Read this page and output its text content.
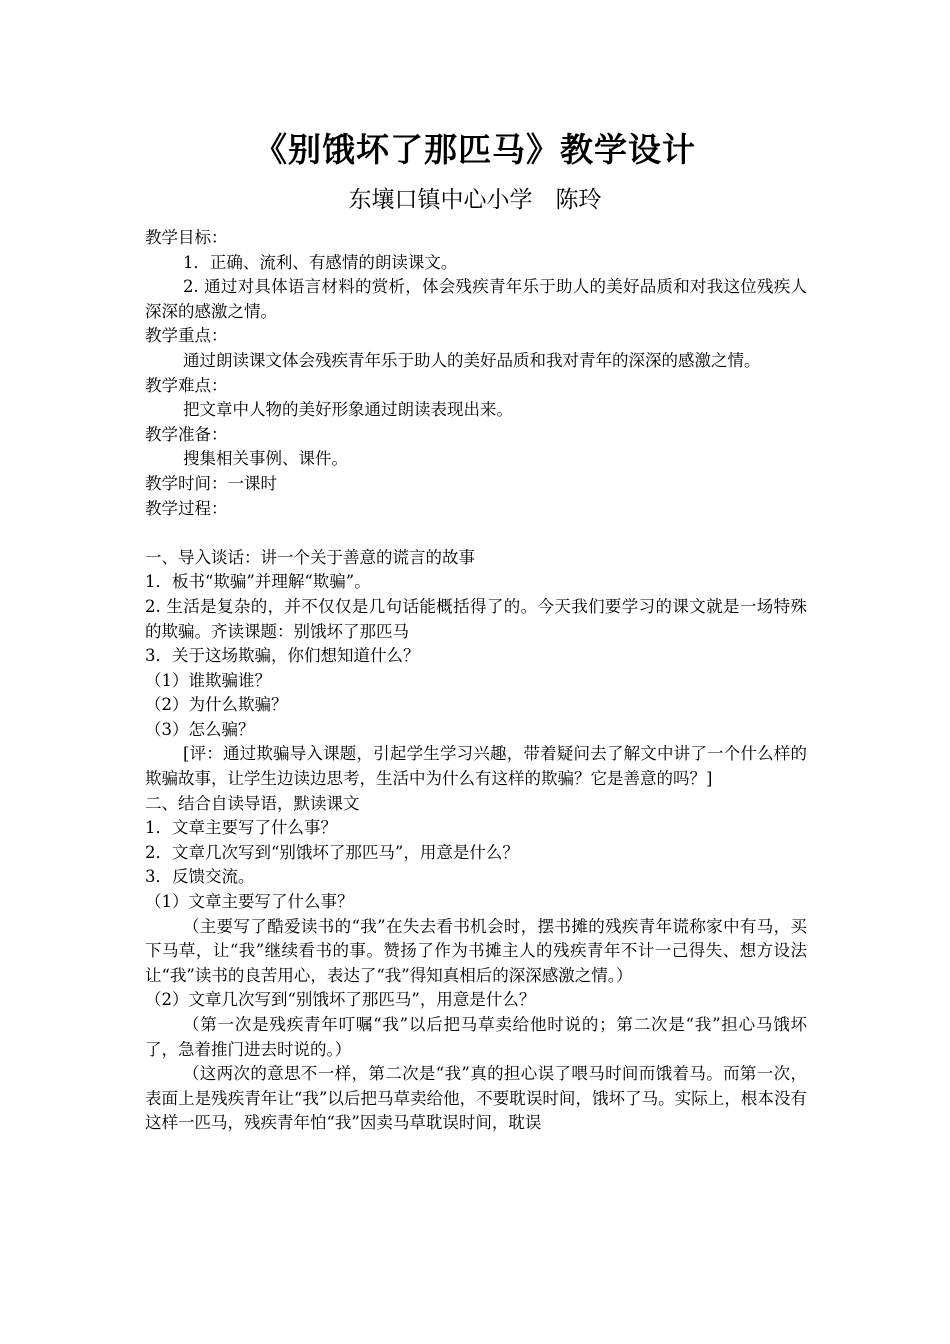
《别饿坏了那匹马》教学设计
东壤口镇中心小学　陈玲

教学目标：

1．正确、流利、有感情的朗读课文。

2. 通过对具体语言材料的赏析，体会残疾青年乐于助人的美好品质和对我这位残疾人深深的感激之情。

教学重点：

通过朗读课文体会残疾青年乐于助人的美好品质和我对青年的深深的感激之情。

教学难点：

把文章中人物的美好形象通过朗读表现出来。

教学准备：

搜集相关事例、课件。

教学时间：一课时

教学过程：

一、导入谈话：讲一个关于善意的谎言的故事

1．板书“欺骗”并理解“欺骗”。

2. 生活是复杂的，并不仅仅是几句话能概括得了的。今天我们要学习的课文就是一场特殊的欺骗。齐读课题：别饿坏了那匹马

3．关于这场欺骗，你们想知道什么？

（1）谁欺骗谁？

（2）为什么欺骗？

（3）怎么骗？

[评：通过欺骗导入课题，引起学生学习兴趣，带着疑问去了解文中讲了一个什么样的欺骗故事，让学生边读边思考，生活中为什么有这样的欺骗？它是善意的吗？]

二、结合自读导语，默读课文

1．文章主要写了什么事？

2．文章几次写到“别饿坏了那匹马”，用意是什么？

3．反馈交流。

（1）文章主要写了什么事？

（主要写了酷爱读书的“我”在失去看书机会时，摆书摊的残疾青年谎称家中有马，买下马草，让“我”继续看书的事。赞扬了作为书摊主人的残疾青年不计一己得失、想方设法让“我”读书的良苦用心，表达了“我”得知真相后的深深感激之情。）

（2）文章几次写到“别饿坏了那匹马”，用意是什么？

（第一次是残疾青年叮嘱“我”以后把马草卖给他时说的；第二次是“我”担心马饿坏了，急着推门进去时说的。）

（这两次的意思不一样，第二次是“我”真的担心误了喂马时间而饿着马。而第一次，表面上是残疾青年让“我”以后把马草卖给他，不要耽误时间，饿坏了马。实际上，根本没有这样一匹马，残疾青年怕“我”因卖马草耽误时间，耽误
